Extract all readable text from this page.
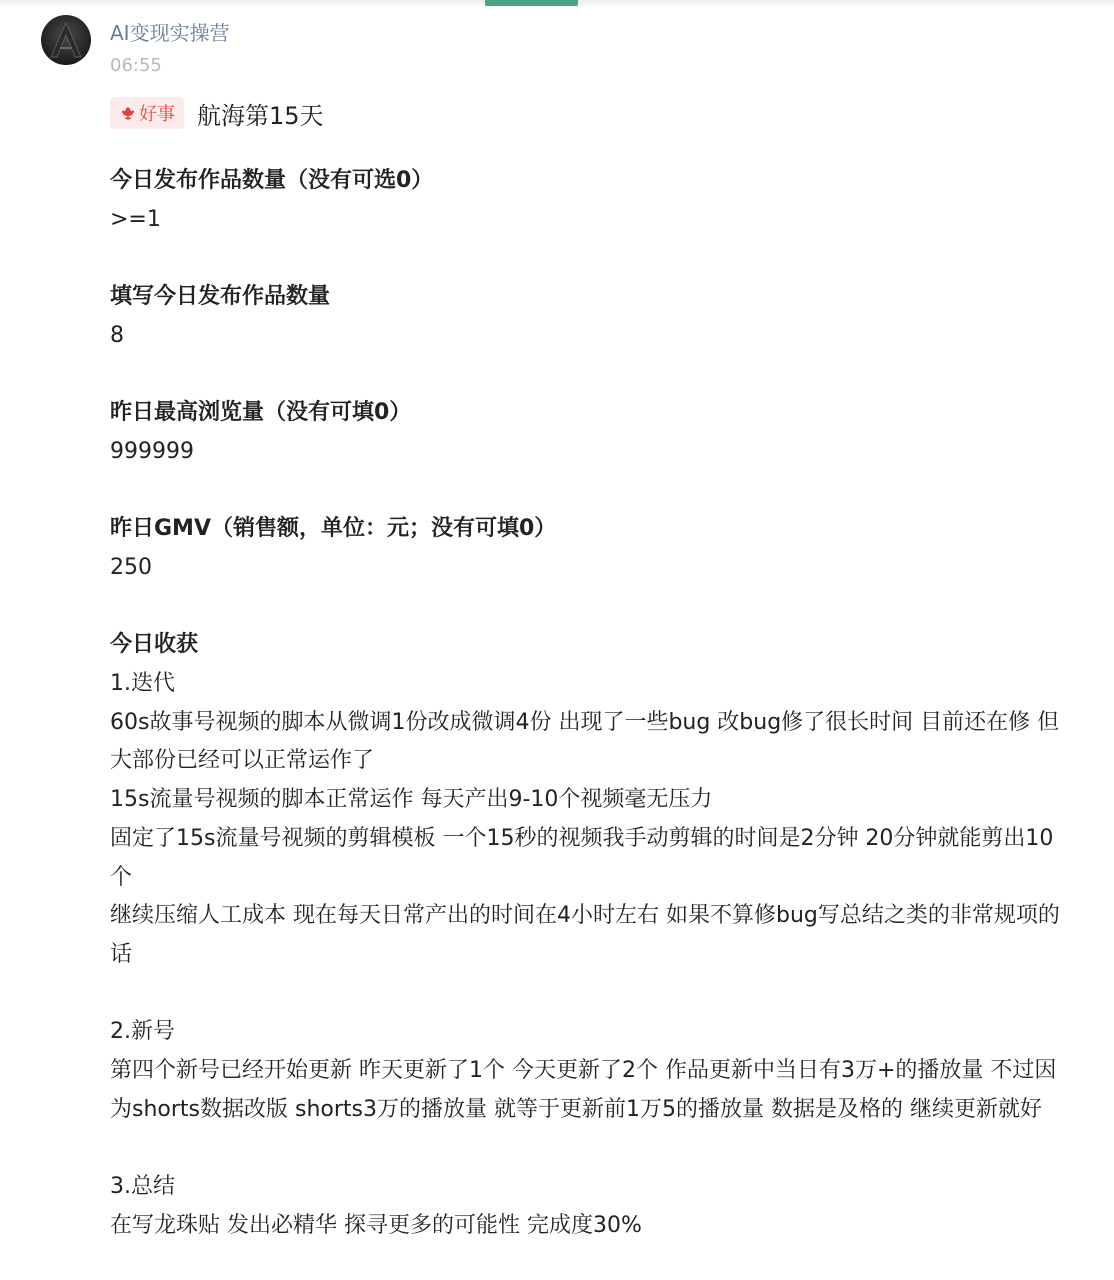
AI变现实操营
06:55
好事 航海第15天
今日发布作品数量（没有可选0）
>=1
填写今日发布作品数量
8
昨日最高浏览量（没有可填0）
999999
昨日GMV（销售额，单位：元；没有可填0）
250
今日收获
1.迭代
60s故事号视频的脚本从微调1份改成微调4份 出现了一些bug 改bug修了很长时间 目前还在修 但大部份已经可以正常运作了
15s流量号视频的脚本正常运作 每天产出9-10个视频毫无压力
固定了15s流量号视频的剪辑模板 一个15秒的视频我手动剪辑的时间是2分钟 20分钟就能剪出10个
继续压缩人工成本 现在每天日常产出的时间在4小时左右 如果不算修bug写总结之类的非常规项的话
2.新号
第四个新号已经开始更新 昨天更新了1个 今天更新了2个 作品更新中当日有3万+的播放量 不过因为shorts数据改版 shorts3万的播放量 就等于更新前1万5的播放量 数据是及格的 继续更新就好
3.总结
在写龙珠贴 发出必精华 探寻更多的可能性 完成度30%
